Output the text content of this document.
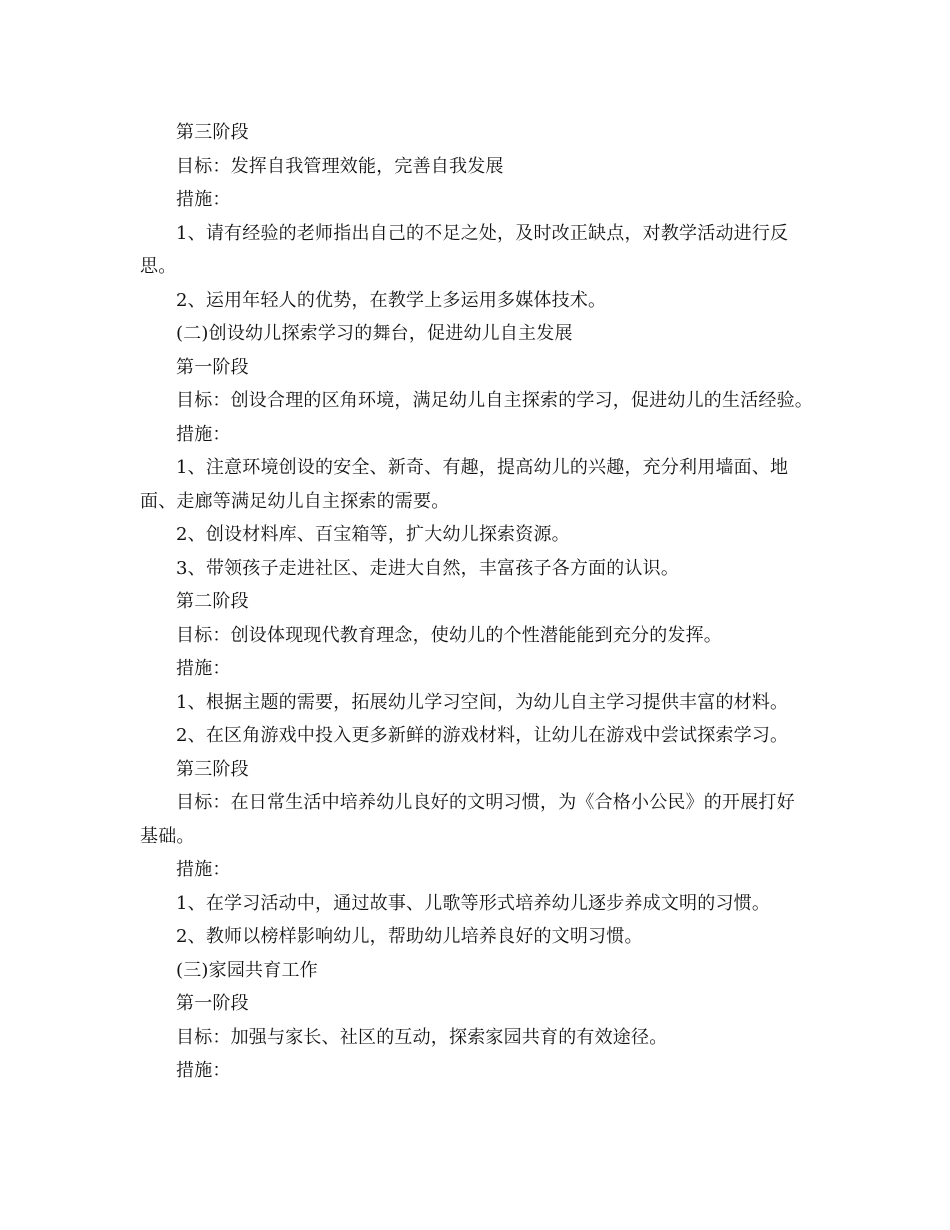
第三阶段
目标：发挥自我管理效能，完善自我发展
措施：
1、请有经验的老师指出自己的不足之处，及时改正缺点，对教学活动进行反
思。
2、运用年轻人的优势，在教学上多运用多媒体技术。
(二)创设幼儿探索学习的舞台，促进幼儿自主发展
第一阶段
目标：创设合理的区角环境，满足幼儿自主探索的学习，促进幼儿的生活经验。
措施：
1、注意环境创设的安全、新奇、有趣，提高幼儿的兴趣，充分利用墙面、地
面、走廊等满足幼儿自主探索的需要。
2、创设材料库、百宝箱等，扩大幼儿探索资源。
3、带领孩子走进社区、走进大自然，丰富孩子各方面的认识。
第二阶段
目标：创设体现现代教育理念，使幼儿的个性潜能能到充分的发挥。
措施：
1、根据主题的需要，拓展幼儿学习空间，为幼儿自主学习提供丰富的材料。
2、在区角游戏中投入更多新鲜的游戏材料，让幼儿在游戏中尝试探索学习。
第三阶段
目标：在日常生活中培养幼儿良好的文明习惯，为《合格小公民》的开展打好
基础。
措施：
1、在学习活动中，通过故事、儿歌等形式培养幼儿逐步养成文明的习惯。
2、教师以榜样影响幼儿，帮助幼儿培养良好的文明习惯。
(三)家园共育工作
第一阶段
目标：加强与家长、社区的互动，探索家园共育的有效途径。
措施：
